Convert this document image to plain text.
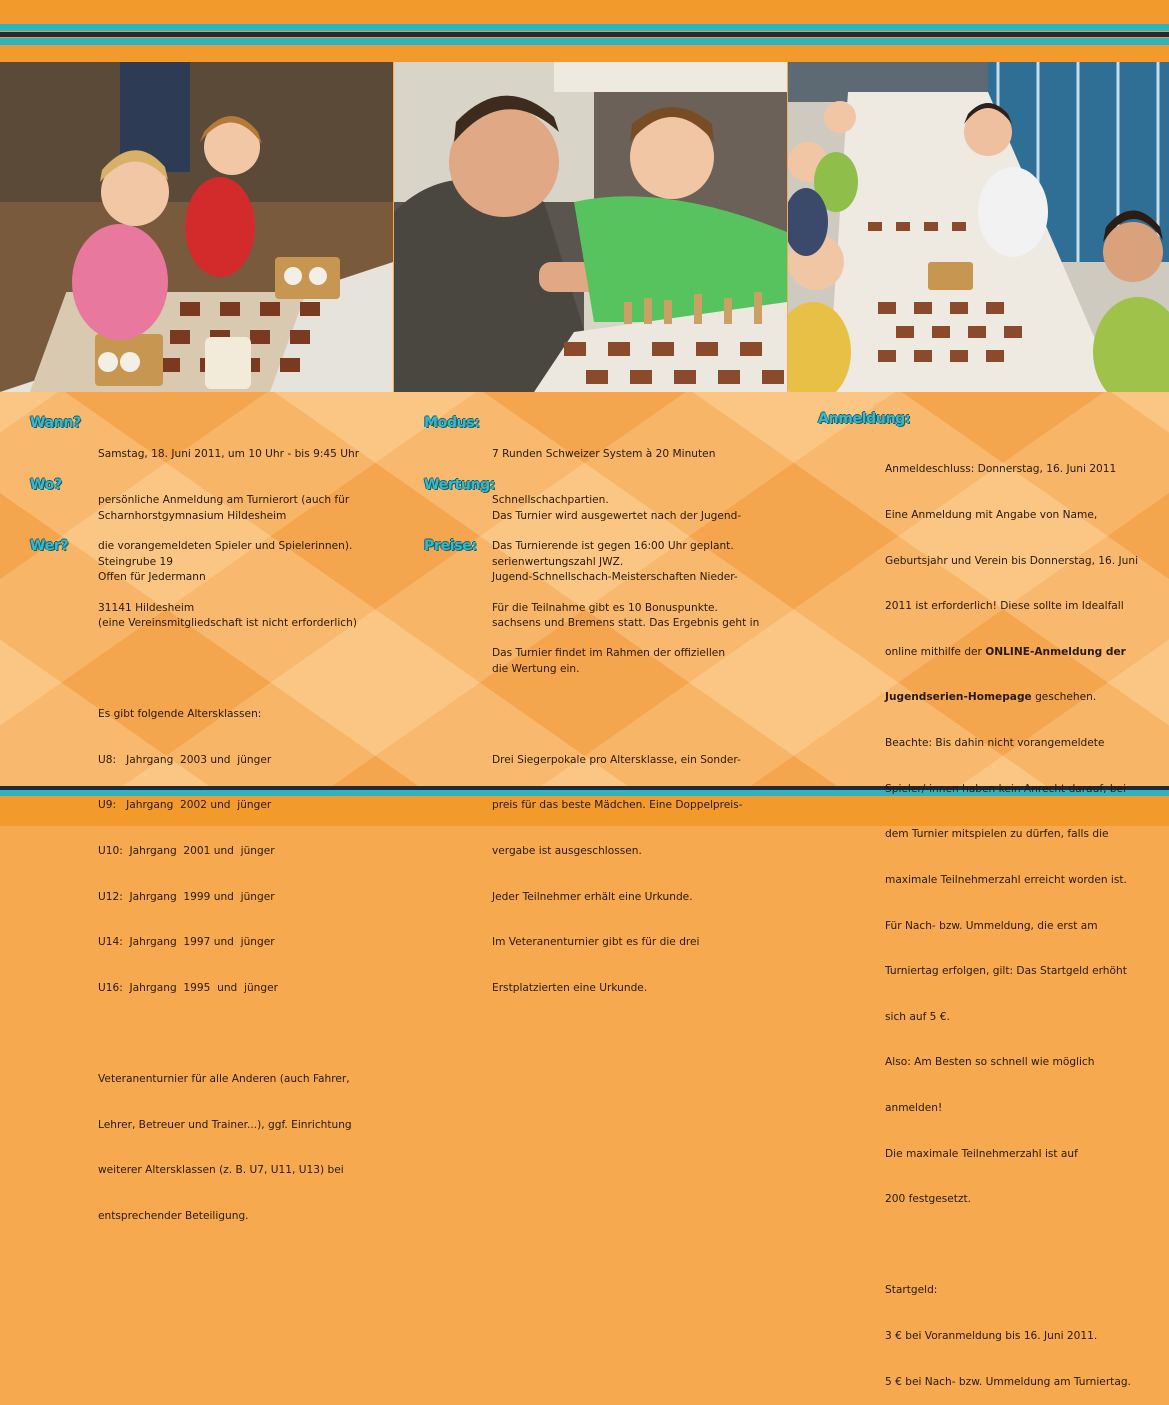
Wann?

Samstag, 18. Juni 2011, um 10 Uhr - bis 9:45 Uhr

persönliche Anmeldung am Turnierort (auch für

die vorangemeldeten Spieler und Spielerinnen).

Wo?

Scharnhorstgymnasium Hildesheim

Steingrube 19

31141 Hildesheim

Wer?

Offen für Jedermann

(eine Vereinsmitgliedschaft ist nicht erforderlich)

Es gibt folgende Altersklassen:

U8:   Jahrgang  2003 und  jünger

U9:   Jahrgang  2002 und  jünger

U10:  Jahrgang  2001 und  jünger

U12:  Jahrgang  1999 und  jünger

U14:  Jahrgang  1997 und  jünger

U16:  Jahrgang  1995  und  jünger

Veteranenturnier für alle Anderen (auch Fahrer,

Lehrer, Betreuer und Trainer...), ggf. Einrichtung

weiterer Altersklassen (z. B. U7, U11, U13) bei

entsprechender Beteiligung.

Modus:

7 Runden Schweizer System à 20 Minuten

Schnellschachpartien.

Das Turnierende ist gegen 16:00 Uhr geplant.

Wertung:

Das Turnier wird ausgewertet nach der Jugend-

serienwertungszahl JWZ.

Für die Teilnahme gibt es 10 Bonuspunkte.

Das Turnier findet im Rahmen der offiziellen

Preise:

Jugend-Schnellschach-Meisterschaften Nieder-

sachsens und Bremens statt. Das Ergebnis geht in

die Wertung ein.

Drei Siegerpokale pro Altersklasse, ein Sonder-

preis für das beste Mädchen. Eine Doppelpreis-

vergabe ist ausgeschlossen.

Jeder Teilnehmer erhält eine Urkunde.

Im Veteranenturnier gibt es für die drei

Erstplatzierten eine Urkunde.

Anmeldung:

Anmeldeschluss: Donnerstag, 16. Juni 2011

Eine Anmeldung mit Angabe von Name,

Geburtsjahr und Verein bis Donnerstag, 16. Juni

2011 ist erforderlich! Diese sollte im Idealfall

online mithilfe der ONLINE-Anmeldung der

Jugendserien-Homepage geschehen.

Beachte: Bis dahin nicht vorangemeldete

Spieler/-innen haben kein Anrecht darauf, bei

dem Turnier mitspielen zu dürfen, falls die

maximale Teilnehmerzahl erreicht worden ist.

Für Nach- bzw. Ummeldung, die erst am

Turniertag erfolgen, gilt: Das Startgeld erhöht

sich auf 5 €.

Also: Am Besten so schnell wie möglich

anmelden!

Die maximale Teilnehmerzahl ist auf

200 festgesetzt.

Startgeld:

3 € bei Voranmeldung bis 16. Juni 2011.

5 € bei Nach- bzw. Ummeldung am Turniertag.
